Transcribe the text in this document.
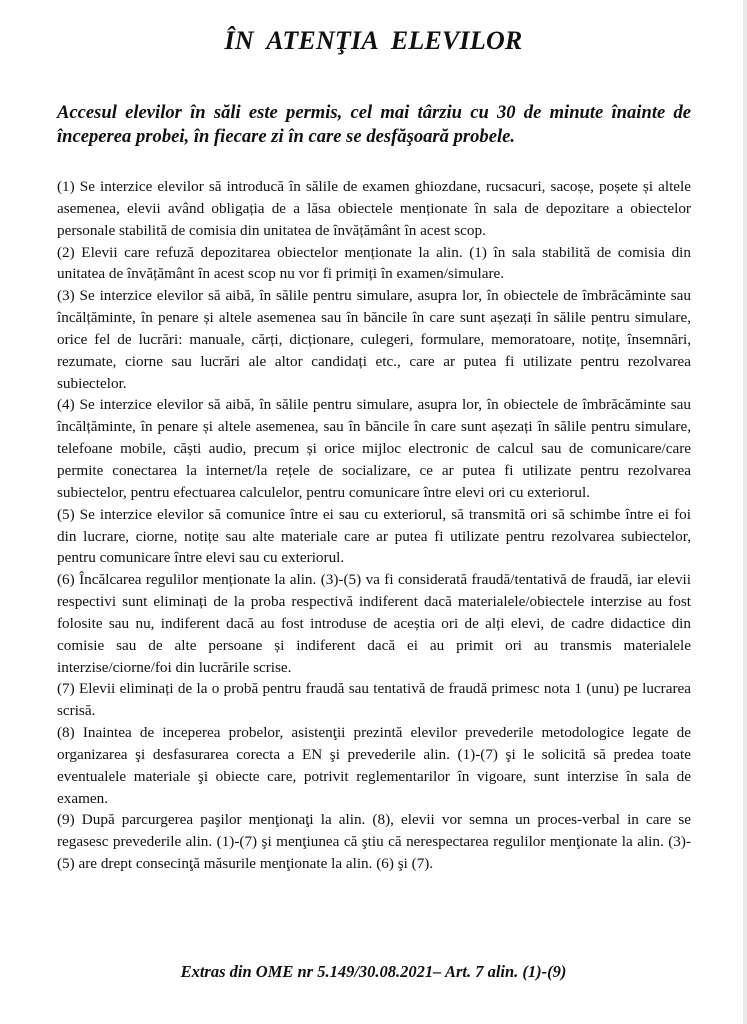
ÎN  ATENŢIA  ELEVILOR
Accesul elevilor în săli este permis, cel mai târziu cu 30 de minute înainte de începerea probei, în fiecare zi în care se desfăşoară probele.

(1) Se interzice elevilor să introducă în sălile de examen ghiozdane, rucsacuri, sacoșe, poșete și altele asemenea, elevii având obligația de a lăsa obiectele menționate în sala de depozitare a obiectelor personale stabilită de comisia din unitatea de învățământ în acest scop.

(2) Elevii care refuză depozitarea obiectelor menționate la alin. (1) în sala stabilită de comisia din unitatea de învățământ în acest scop nu vor fi primiți în examen/simulare.

(3) Se interzice elevilor să aibă, în sălile pentru simulare, asupra lor, în obiectele de îmbrăcăminte sau încălțăminte, în penare și altele asemenea sau în băncile în care sunt așezați în sălile pentru simulare, orice fel de lucrări: manuale, cărți, dicționare, culegeri, formulare, memoratoare, notițe, însemnări, rezumate, ciorne sau lucrări ale altor candidați etc., care ar putea fi utilizate pentru rezolvarea subiectelor.

(4) Se interzice elevilor să aibă, în sălile pentru simulare, asupra lor, în obiectele de îmbrăcăminte sau încălțăminte, în penare și altele asemenea, sau în băncile în care sunt așezați în sălile pentru simulare, telefoane mobile, căști audio, precum și orice mijloc electronic de calcul sau de comunicare/care permite conectarea la internet/la rețele de socializare, ce ar putea fi utilizate pentru rezolvarea subiectelor, pentru efectuarea calculelor, pentru comunicare între elevi ori cu exteriorul.

(5) Se interzice elevilor să comunice între ei sau cu exteriorul, să transmită ori să schimbe între ei foi din lucrare, ciorne, notițe sau alte materiale care ar putea fi utilizate pentru rezolvarea subiectelor, pentru comunicare între elevi sau cu exteriorul.

(6) Încălcarea regulilor menționate la alin. (3)-(5) va fi considerată fraudă/tentativă de fraudă, iar elevii respectivi sunt eliminați de la proba respectivă indiferent dacă materialele/obiectele interzise au fost folosite sau nu, indiferent dacă au fost introduse de aceștia ori de alți elevi, de cadre didactice din comisie sau de alte persoane și indiferent dacă ei au primit ori au transmis materialele interzise/ciorne/foi din lucrările scrise.

(7) Elevii eliminați de la o probă pentru fraudă sau tentativă de fraudă primesc nota 1 (unu) pe lucrarea scrisă.

(8) Inaintea de inceperea probelor, asistenţii prezintă elevilor prevederile metodologice legate de organizarea şi desfasurarea corecta a EN şi prevederile alin. (1)-(7) şi le solicită să predea toate eventualele materiale şi obiecte care, potrivit reglementarilor în vigoare, sunt interzise în sala de examen.

(9) După parcurgerea paşilor menţionaţi la alin. (8), elevii vor semna un proces-verbal in care se regasesc prevederile alin. (1)-(7) şi menţiunea că ştiu că nerespectarea regulilor menţionate la alin. (3)-(5) are drept consecinţă măsurile menţionate la alin. (6) şi (7).

Extras din OME nr 5.149/30.08.2021– Art. 7 alin. (1)-(9)
